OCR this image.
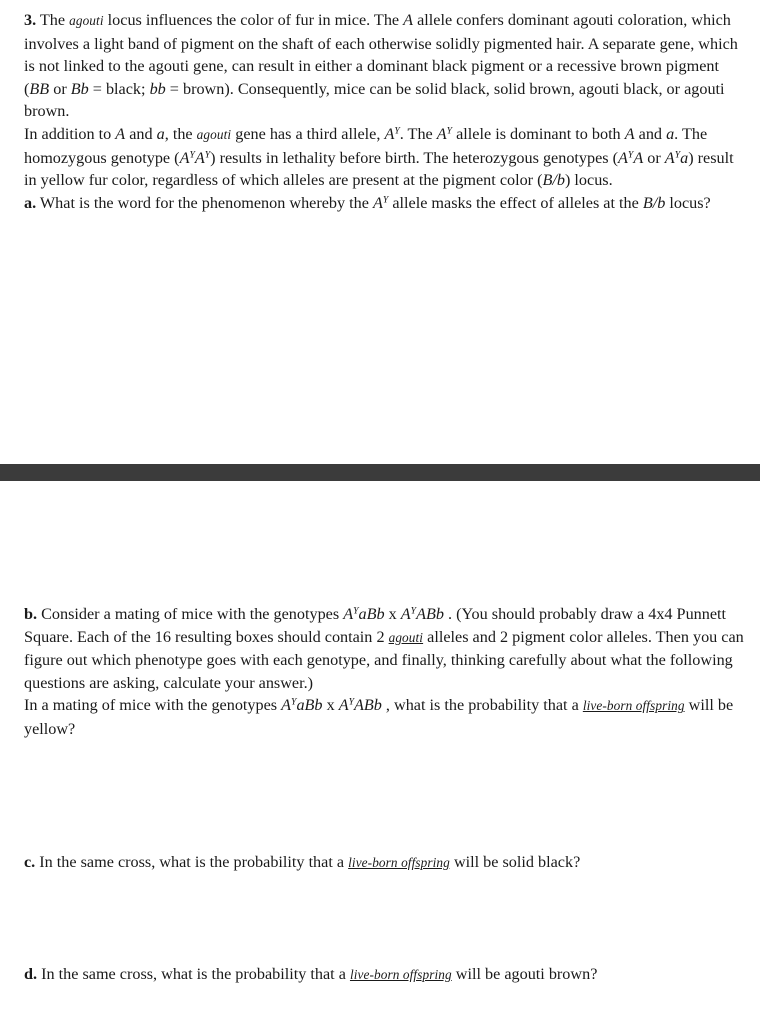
3. The agouti locus influences the color of fur in mice. The A allele confers dominant agouti coloration, which involves a light band of pigment on the shaft of each otherwise solidly pigmented hair. A separate gene, which is not linked to the agouti gene, can result in either a dominant black pigment or a recessive brown pigment (BB or Bb = black; bb = brown). Consequently, mice can be solid black, solid brown, agouti black, or agouti brown.

In addition to A and a, the agouti gene has a third allele, $A^Y$. The $A^Y$ allele is dominant to both A and a. The homozygous genotype $(A^YA^Y)$ results in lethality before birth. The heterozygous genotypes ($A^YA$ or $A^Ya$) result in yellow fur color, regardless of which alleles are present at the pigment color (B/b) locus.

a. What is the word for the phenomenon whereby the $A^Y$ allele masks the effect of alleles at the B/b locus?

b. Consider a mating of mice with the genotypes $A^YaBb$ x $A^YABb$ . (You should probably draw a 4x4 Punnett Square. Each of the 16 resulting boxes should contain 2 agouti alleles and 2 pigment color alleles. Then you can figure out which phenotype goes with each genotype, and finally, thinking carefully about what the following questions are asking, calculate your answer.)

In a mating of mice with the genotypes $A^YaBb$ x $A^YABb$ , what is the probability that a live-born offspring will be yellow?

c. In the same cross, what is the probability that a live-born offspring will be solid black?

d. In the same cross, what is the probability that a live-born offspring will be agouti brown?
